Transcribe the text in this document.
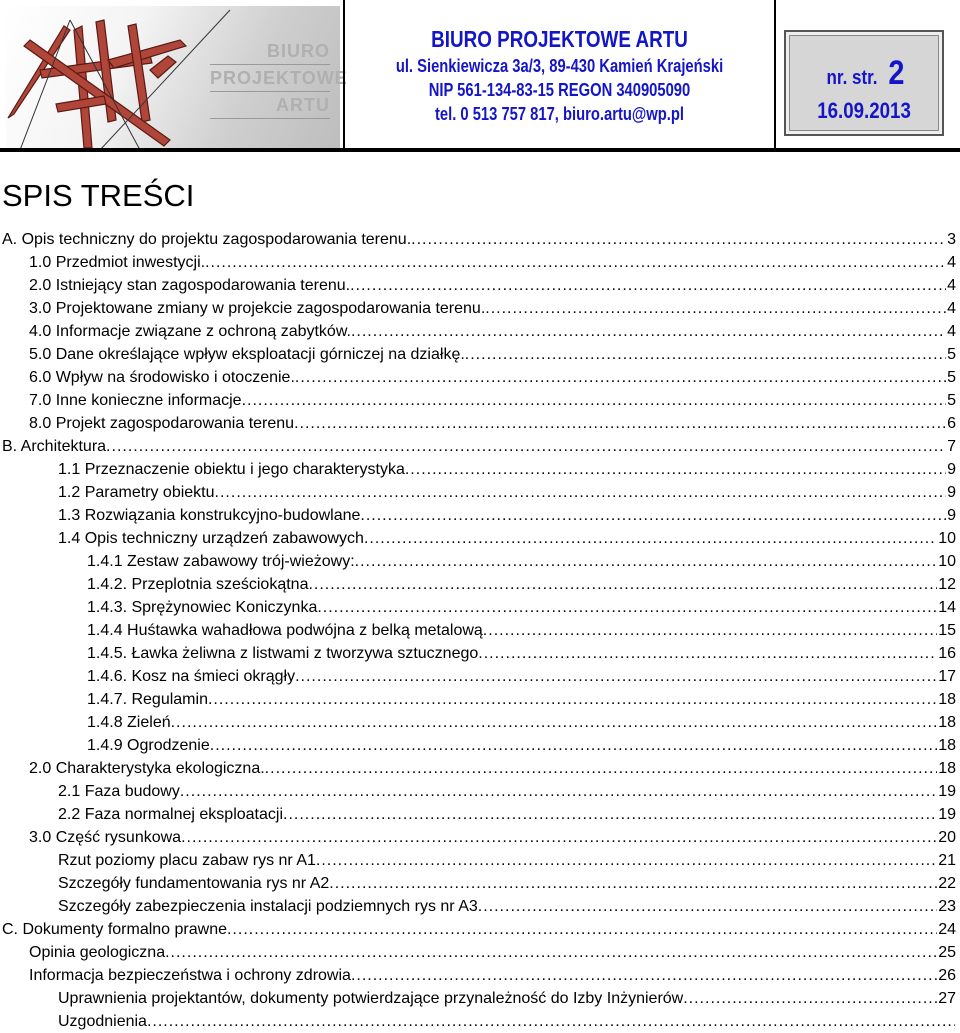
BIURO
PROJEKTOWE
ARTU
BIURO PROJEKTOWE ARTU
ul. Sienkiewicza 3a/3, 89-430 Kamień Krajeński
NIP 561-134-83-15 REGON 340905090
tel. 0 513 757 817, biuro.artu@wp.pl
nr. str. 2
16.09.2013
SPIS TREŚCI
A. Opis techniczny do projektu zagospodarowania terenu. .....	3
1.0 Przedmiot inwestycji. .....	4
2.0 Istniejący stan zagospodarowania terenu. .....	4
3.0 Projektowane zmiany w projekcie zagospodarowania terenu. .....	4
4.0 Informacje związane z ochroną zabytków. .....	4
5.0 Dane określające wpływ eksploatacji górniczej na działkę. .....	5
6.0 Wpływ na środowisko i otoczenie. .....	5
7.0 Inne konieczne informacje .....	5
8.0 Projekt zagospodarowania terenu .....	6
B. Architektura .....	7
1.1 Przeznaczenie obiektu i jego charakterystyka .....	9
1.2 Parametry obiektu .....	9
1.3 Rozwiązania konstrukcyjno-budowlane .....	9
1.4 Opis techniczny urządzeń zabawowych .....	10
1.4.1 Zestaw zabawowy trój-wieżowy: .....	10
1.4.2. Przeplotnia sześciokątna .....	12
1.4.3. Sprężynowiec Koniczynka .....	14
1.4.4 Huśtawka wahadłowa podwójna z belką metalową .....	15
1.4.5. Ławka żeliwna z listwami z tworzywa sztucznego .....	16
1.4.6. Kosz na śmieci okrągły .....	17
1.4.7. Regulamin .....	18
1.4.8 Zieleń .....	18
1.4.9 Ogrodzenie .....	18
2.0 Charakterystyka ekologiczna. .....	18
2.1 Faza budowy .....	19
2.2 Faza normalnej eksploatacji .....	19
3.0 Część rysunkowa .....	20
Rzut poziomy placu zabaw rys nr A1 .....	21
Szczegóły fundamentowania rys nr A2 .....	22
Szczegóły zabezpieczenia instalacji podziemnych rys nr A3 .....	23
C. Dokumenty formalno prawne .....	24
Opinia geologiczna .....	25
Informacja bezpieczeństwa i ochrony zdrowia .....	26
Uprawnienia projektantów, dokumenty potwierdzające przynależność do Izby Inżynierów .....	27
Uzgodnienia
.....
